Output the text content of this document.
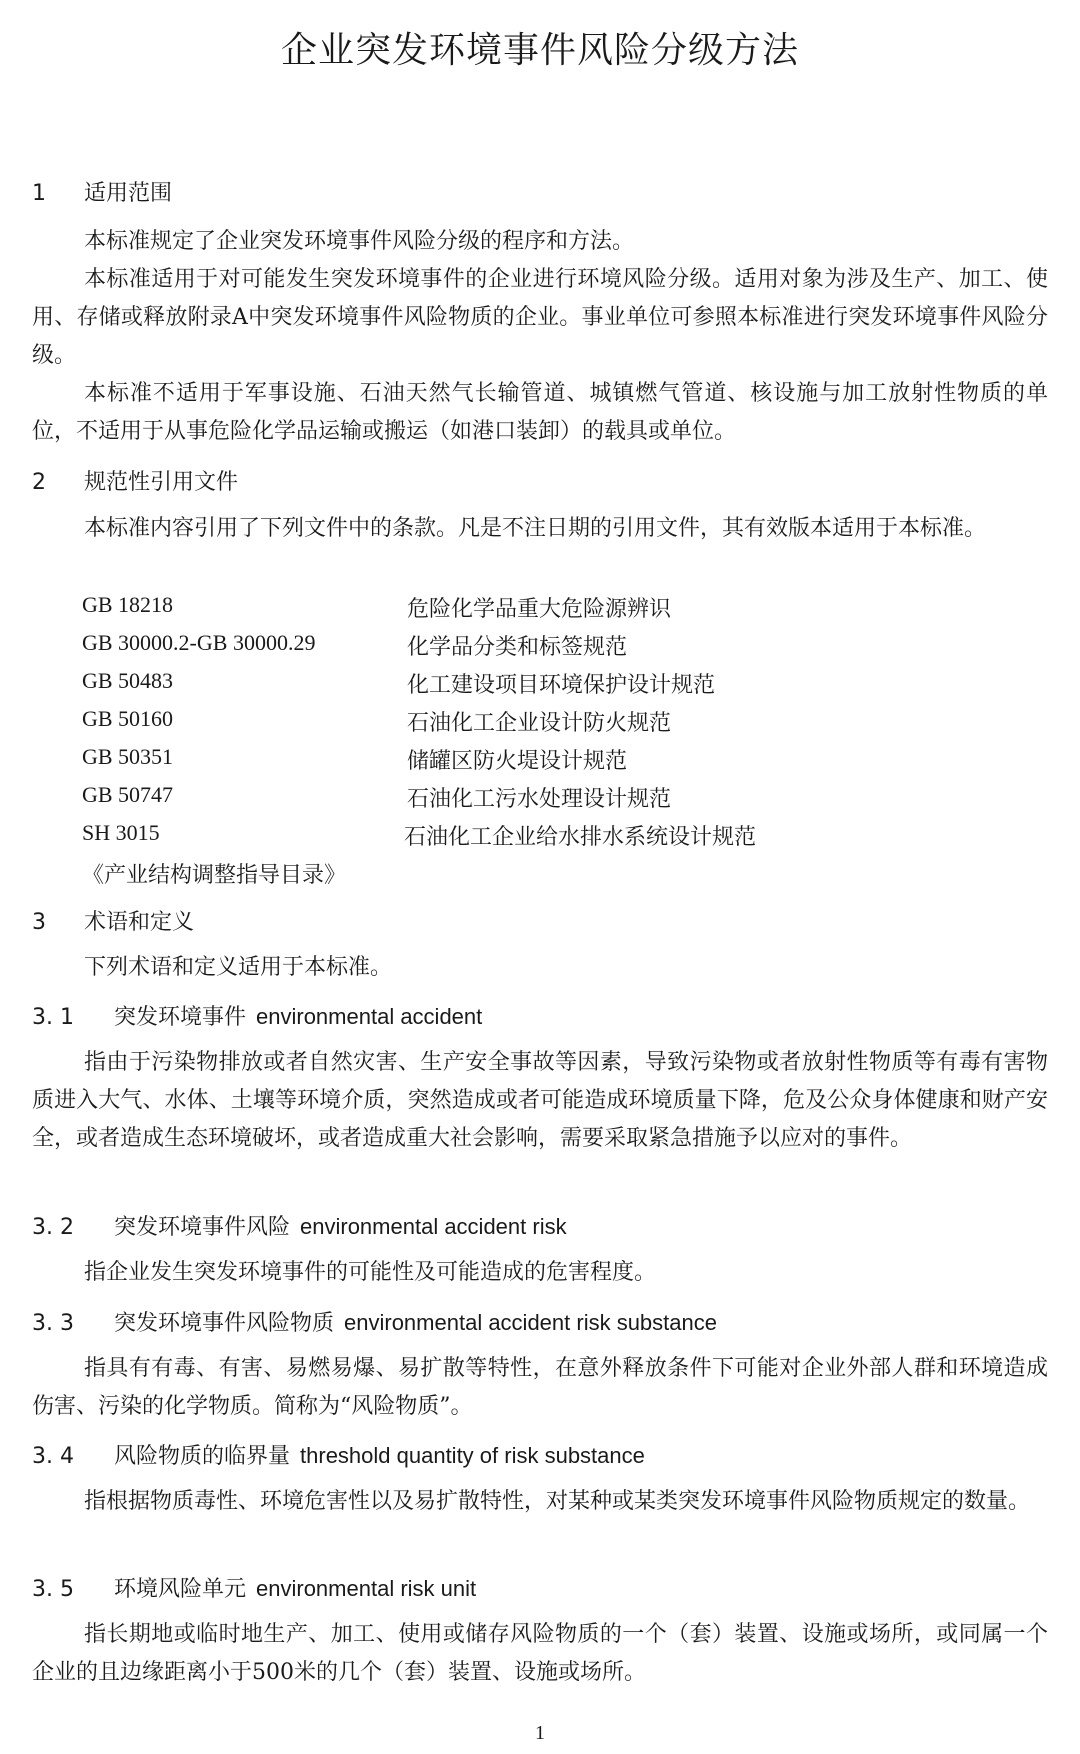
企业突发环境事件风险分级方法
1 适用范围

本标准规定了企业突发环境事件风险分级的程序和方法。

本标准适用于对可能发生突发环境事件的企业进行环境风险分级。适用对象为涉及生产、加工、使用、存储或释放附录A中突发环境事件风险物质的企业。事业单位可参照本标准进行突发环境事件风险分级。

本标准不适用于军事设施、石油天然气长输管道、城镇燃气管道、核设施与加工放射性物质的单位，不适用于从事危险化学品运输或搬运（如港口装卸）的载具或单位。

2 规范性引用文件

本标准内容引用了下列文件中的条款。凡是不注日期的引用文件，其有效版本适用于本标准。

GB 18218	危险化学品重大危险源辨识
GB 30000.2-GB 30000.29	化学品分类和标签规范
GB 50483	化工建设项目环境保护设计规范
GB 50160	石油化工企业设计防火规范
GB 50351	储罐区防火堤设计规范
GB 50747	石油化工污水处理设计规范
SH 3015	石油化工企业给水排水系统设计规范
《产业结构调整指导目录》
3 术语和定义

下列术语和定义适用于本标准。

3. 1 突发环境事件 environmental accident

指由于污染物排放或者自然灾害、生产安全事故等因素，导致污染物或者放射性物质等有毒有害物质进入大气、水体、土壤等环境介质，突然造成或者可能造成环境质量下降，危及公众身体健康和财产安全，或者造成生态环境破坏，或者造成重大社会影响，需要采取紧急措施予以应对的事件。

3. 2 突发环境事件风险 environmental accident risk

指企业发生突发环境事件的可能性及可能造成的危害程度。

3. 3 突发环境事件风险物质 environmental accident risk substance

指具有有毒、有害、易燃易爆、易扩散等特性，在意外释放条件下可能对企业外部人群和环境造成伤害、污染的化学物质。简称为“风险物质”。

3. 4 风险物质的临界量 threshold quantity of risk substance

指根据物质毒性、环境危害性以及易扩散特性，对某种或某类突发环境事件风险物质规定的数量。

3. 5 环境风险单元 environmental risk unit

指长期地或临时地生产、加工、使用或储存风险物质的一个（套）装置、设施或场所，或同属一个企业的且边缘距离小于500米的几个（套）装置、设施或场所。

1
